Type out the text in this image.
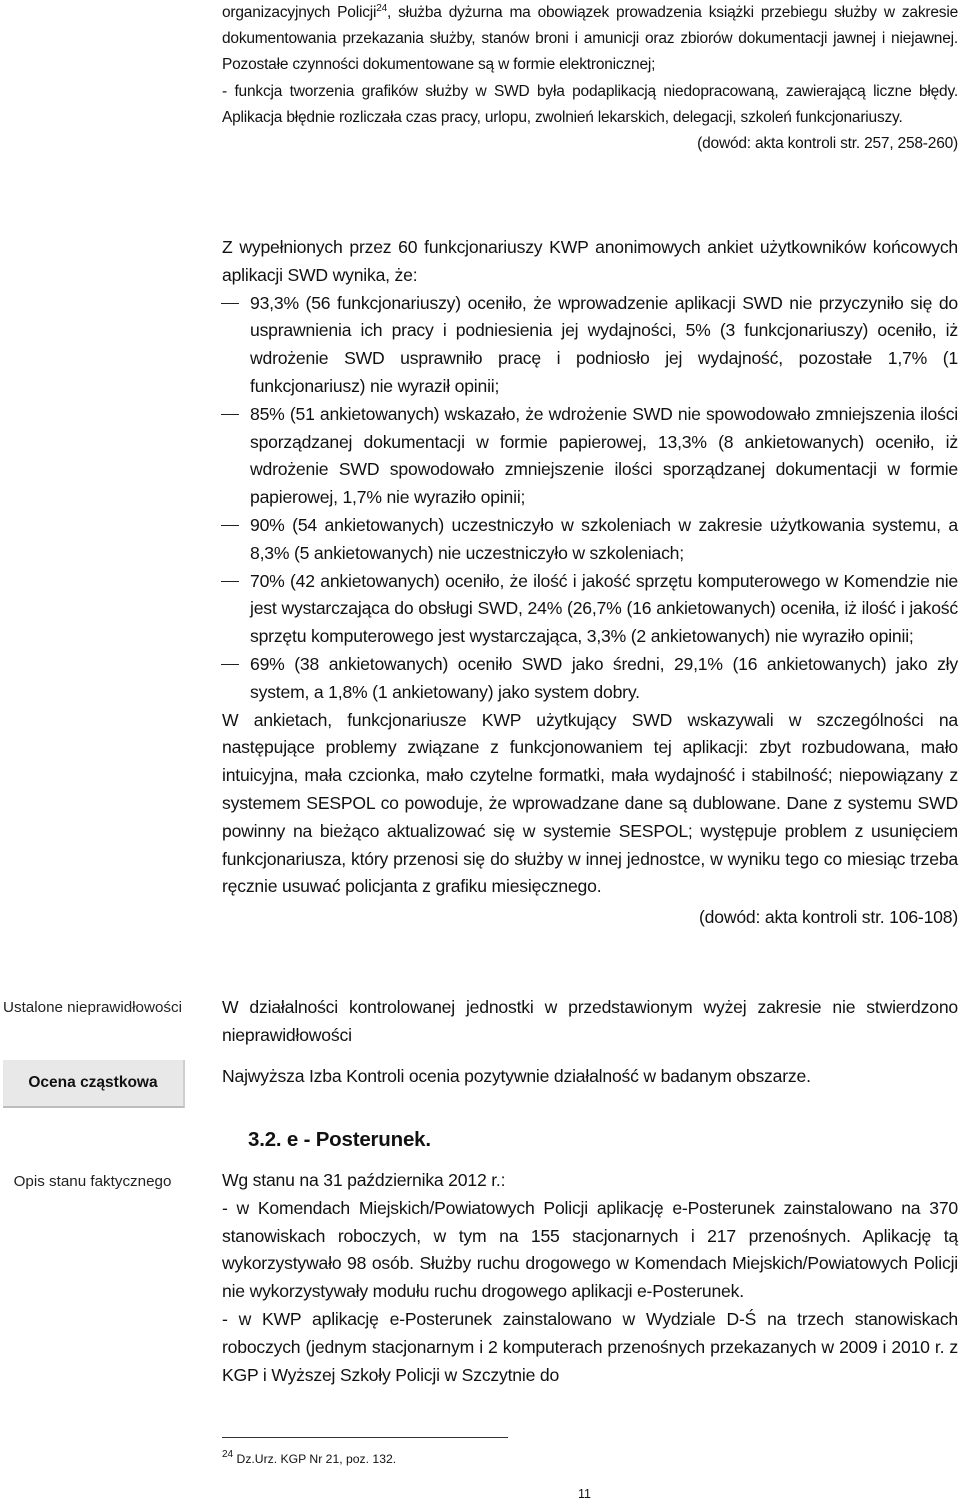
organizacyjnych Policji$^{24}$, służba dyżurna ma obowiązek prowadzenia książki przebiegu służby w zakresie dokumentowania przekazania służby, stanów broni i amunicji oraz zbiorów dokumentacji jawnej i niejawnej. Pozostałe czynności dokumentowane są w formie elektronicznej;

- funkcja tworzenia grafików służby w SWD była podaplikacją niedopracowaną, zawierającą liczne błędy. Aplikacja błędnie rozliczała czas pracy, urlopu, zwolnień lekarskich, delegacji, szkoleń funkcjonariuszy.

(dowód: akta kontroli str. 257, 258-260)

Z wypełnionych przez 60 funkcjonariuszy KWP anonimowych ankiet użytkowników końcowych aplikacji SWD wynika, że:

93,3% (56 funkcjonariuszy) oceniło, że wprowadzenie aplikacji SWD nie przyczyniło się do usprawnienia ich pracy i podniesienia jej wydajności, 5% (3 funkcjonariuszy) oceniło, iż wdrożenie SWD usprawniło pracę i podniosło jej wydajność, pozostałe 1,7% (1 funkcjonariusz) nie wyraził opinii;
85% (51 ankietowanych) wskazało, że wdrożenie SWD nie spowodowało zmniejszenia ilości sporządzanej dokumentacji w formie papierowej, 13,3% (8 ankietowanych) oceniło, iż wdrożenie SWD spowodowało zmniejszenie ilości sporządzanej dokumentacji w formie papierowej, 1,7% nie wyraziło opinii;
90% (54 ankietowanych) uczestniczyło w szkoleniach w zakresie użytkowania systemu, a 8,3% (5 ankietowanych) nie uczestniczyło w szkoleniach;
70% (42 ankietowanych) oceniło, że ilość i jakość sprzętu komputerowego w Komendzie nie jest wystarczająca do obsługi SWD, 24% (26,7% (16 ankietowanych) oceniła, iż ilość i jakość sprzętu komputerowego jest wystarczająca, 3,3% (2 ankietowanych) nie wyraziło opinii;
69% (38 ankietowanych) oceniło SWD jako średni, 29,1% (16 ankietowanych) jako zły system, a 1,8% (1 ankietowany) jako system dobry.

W ankietach, funkcjonariusze KWP użytkujący SWD wskazywali w szczególności na następujące problemy związane z funkcjonowaniem tej aplikacji: zbyt rozbudowana, mało intuicyjna, mała czcionka, mało czytelne formatki, mała wydajność i stabilność; niepowiązany z systemem SESPOL co powoduje, że wprowadzane dane są dublowane. Dane z systemu SWD powinny na bieżąco aktualizować się w systemie SESPOL; występuje problem z usunięciem funkcjonariusza, który przenosi się do służby w innej jednostce, w wyniku tego co miesiąc trzeba ręcznie usuwać policjanta z grafiku miesięcznego.

(dowód: akta kontroli str. 106-108)

Ustalone nieprawidłowości W działalności kontrolowanej jednostki w przedstawionym wyżej zakresie nie stwierdzono nieprawidłowości

Ocena cząstkowa	Najwyższa Izba Kontroli ocenia pozytywnie działalność w badanym obszarze.

3.2. e - Posterunek.
Opis stanu faktycznego	Wg stanu na 31 października 2012 r.:

- w Komendach Miejskich/Powiatowych Policji aplikację e-Posterunek zainstalowano na 370 stanowiskach roboczych, w tym na 155 stacjonarnych i 217 przenośnych. Aplikację tą wykorzystywało 98 osób. Służby ruchu drogowego w Komendach Miejskich/Powiatowych Policji nie wykorzystywały modułu ruchu drogowego aplikacji e-Posterunek.

- w KWP aplikację e-Posterunek zainstalowano w Wydziale D-Ś na trzech stanowiskach roboczych (jednym stacjonarnym i 2 komputerach przenośnych przekazanych w 2009 i 2010 r. z KGP i Wyższej Szkoły Policji w Szczytnie do

$^{24}$ Dz.Urz. KGP Nr 21, poz. 132.
11
